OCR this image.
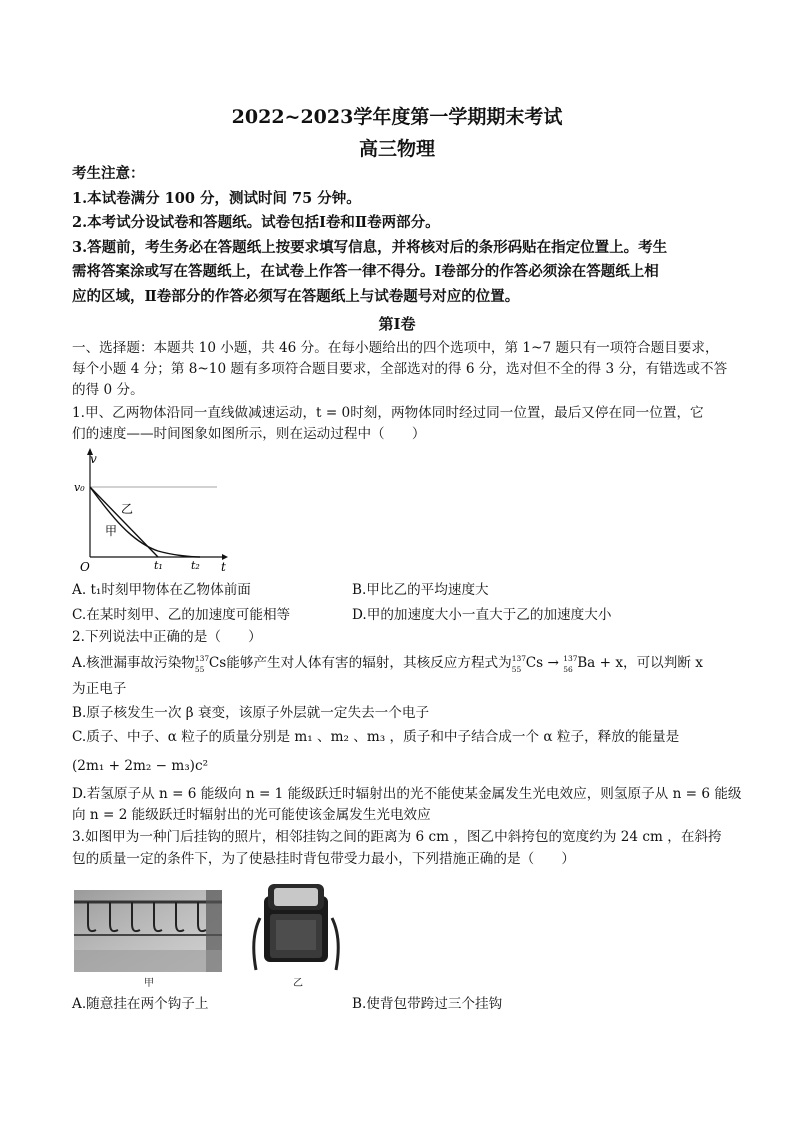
2022~2023学年度第一学期期末考试
高三物理
考生注意：
1.本试卷满分 100 分，测试时间 75 分钟。
2.本考试分设试卷和答题纸。试卷包括Ⅰ卷和Ⅱ卷两部分。
3.答题前，考生务必在答题纸上按要求填写信息，并将核对后的条形码贴在指定位置上。考生
需将答案涂或写在答题纸上，在试卷上作答一律不得分。Ⅰ卷部分的作答必须涂在答题纸上相
应的区域，Ⅱ卷部分的作答必须写在答题纸上与试卷题号对应的位置。
第Ⅰ卷
一、选择题：本题共 10 小题，共 46 分。在每小题给出的四个选项中，第 1~7 题只有一项符合题目要求，
每个小题 4 分；第 8~10 题有多项符合题目要求，全部选对的得 6 分，选对但不全的得 3 分，有错选或不答
的得 0 分。
1.甲、乙两物体沿同一直线做减速运动，t = 0时刻，两物体同时经过同一位置，最后又停在同一位置，它
们的速度——时间图象如图所示，则在运动过程中（　　）
v
t
O
v₀
乙
甲
t₁	t₂
A. t₁时刻甲物体在乙物体前面	B.甲比乙的平均速度大
C.在某时刻甲、乙的加速度可能相等	D.甲的加速度大小一直大于乙的加速度大小
2.下列说法中正确的是（　　）
A.核泄漏事故污染物 137
55 Cs能够产生对人体有害的辐射，其核反应方程式为 137
55 Cs → 137
56 Ba + x，可以判断 x
为正电子
B.原子核发生一次 β 衰变，该原子外层就一定失去一个电子
C.质子、中子、α 粒子的质量分别是 m₁ 、m₂ 、m₃ ，质子和中子结合成一个 α 粒子，释放的能量是
(2m₁ + 2m₂ − m₃)c²
D.若氢原子从 n = 6 能级向 n = 1 能级跃迁时辐射出的光不能使某金属发生光电效应，则氢原子从 n = 6 能级
向 n = 2 能级跃迁时辐射出的光可能使该金属发生光电效应
3.如图甲为一种门后挂钩的照片，相邻挂钩之间的距离为 6 cm ，图乙中斜挎包的宽度约为 24 cm ，在斜挎
包的质量一定的条件下，为了使悬挂时背包带受力最小，下列措施正确的是（　　）
甲	乙
A.随意挂在两个钩子上	B.使背包带跨过三个挂钩
